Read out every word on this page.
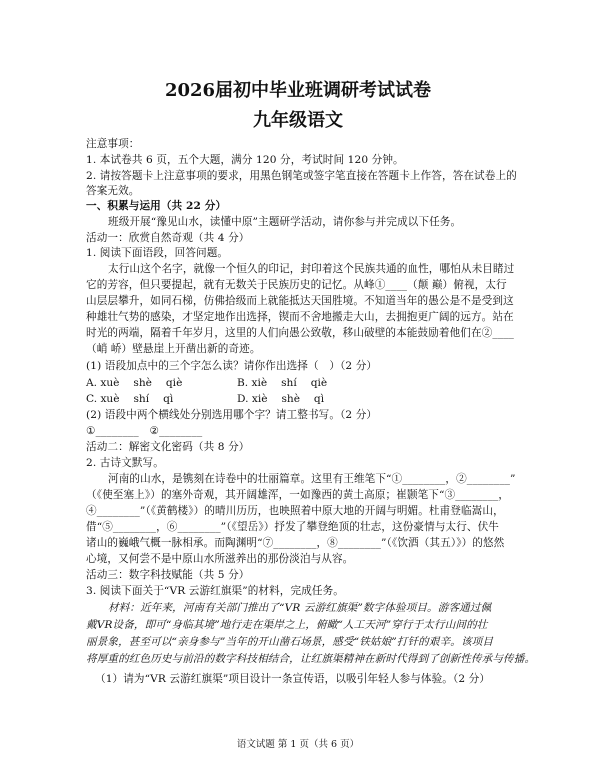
2026届初中毕业班调研考试试卷
九年级语文
注意事项：
1. 本试卷共 6 页，五个大题，满分 120 分，考试时间 120 分钟。
2. 请按答题卡上注意事项的要求，用黑色钢笔或签字笔直接在答题卡上作答，答在试卷上的
答案无效。
一、积累与运用（共 22 分）
班级开展“豫见山水，读懂中原”主题研学活动，请你参与并完成以下任务。
活动一：欣赏自然奇观（共 4 分）
1. 阅读下面语段，回答问题。
太行山这个名字，就像一个恒久的印记，封印着这个民族共通的血性，哪怕从未目睹过
它的芳容，但只要提起，就有无数关于民族历史的记忆。从峰①____（颠 巅）俯视，太行
山层层攀升，如同石梯，仿佛拾级而上就能抵达天国胜境。不知道当年的愚公是不是受到这
种雄壮气势的感染，才坚定地作出选择，锲而不舍地搬走大山，去拥抱更广阔的远方。站在
时光的两端，隔着千年岁月，这里的人们向愚公致敬，移山破壁的本能鼓励着他们在②____
（峭 峤）壁悬崖上开凿出新的奇迹。
(1) 语段加点中的三个字怎么读？请你作出选择（　）（2 分）
A. xuè　 shè　 qiè	B. xiè　 shí　 qiè
C. xuè　 shí　 qì	D. xiè　 shè　 qì
(2) 语段中两个横线处分别选用哪个字？请工整书写。（2 分）
①________　②________
活动二：解密文化密码（共 8 分）
2. 古诗文默写。
河南的山水，是镌刻在诗卷中的壮丽篇章。这里有王维笔下“①________，②________”
（《使至塞上》）的塞外奇观，其开阔雄浑，一如豫西的黄土高原；崔颢笔下“③________，
④________”（《黄鹤楼》）的晴川历历，也映照着中原大地的开阔与明媚。杜甫登临嵩山，
借“⑤________，⑥________”（《望岳》）抒发了攀登绝顶的壮志，这份豪情与太行、伏牛
诸山的巍峨气概一脉相承。而陶渊明“⑦________，⑧________”（《饮酒（其五）》）的悠然
心境，又何尝不是中原山水所滋养出的那份淡泊与从容。
活动三：数字科技赋能（共 5 分）
3. 阅读下面关于“VR 云游红旗渠”的材料，完成任务。
材料：近年来，河南有关部门推出了“VR 云游红旗渠”数字体验项目。游客通过佩
戴VR设备，即可“身临其境”地行走在渠岸之上，俯瞰“人工天河”穿行于太行山间的壮
丽景象，甚至可以“亲身参与”当年的开山凿石场景，感受“铁姑娘”打钎的艰辛。该项目
将厚重的红色历史与前沿的数字科技相结合，让红旗渠精神在新时代得到了创新性传承与传播。
（1）请为“VR 云游红旗渠”项目设计一条宣传语，以吸引年轻人参与体验。（2 分）
语文试题 第 1 页（共 6 页）
